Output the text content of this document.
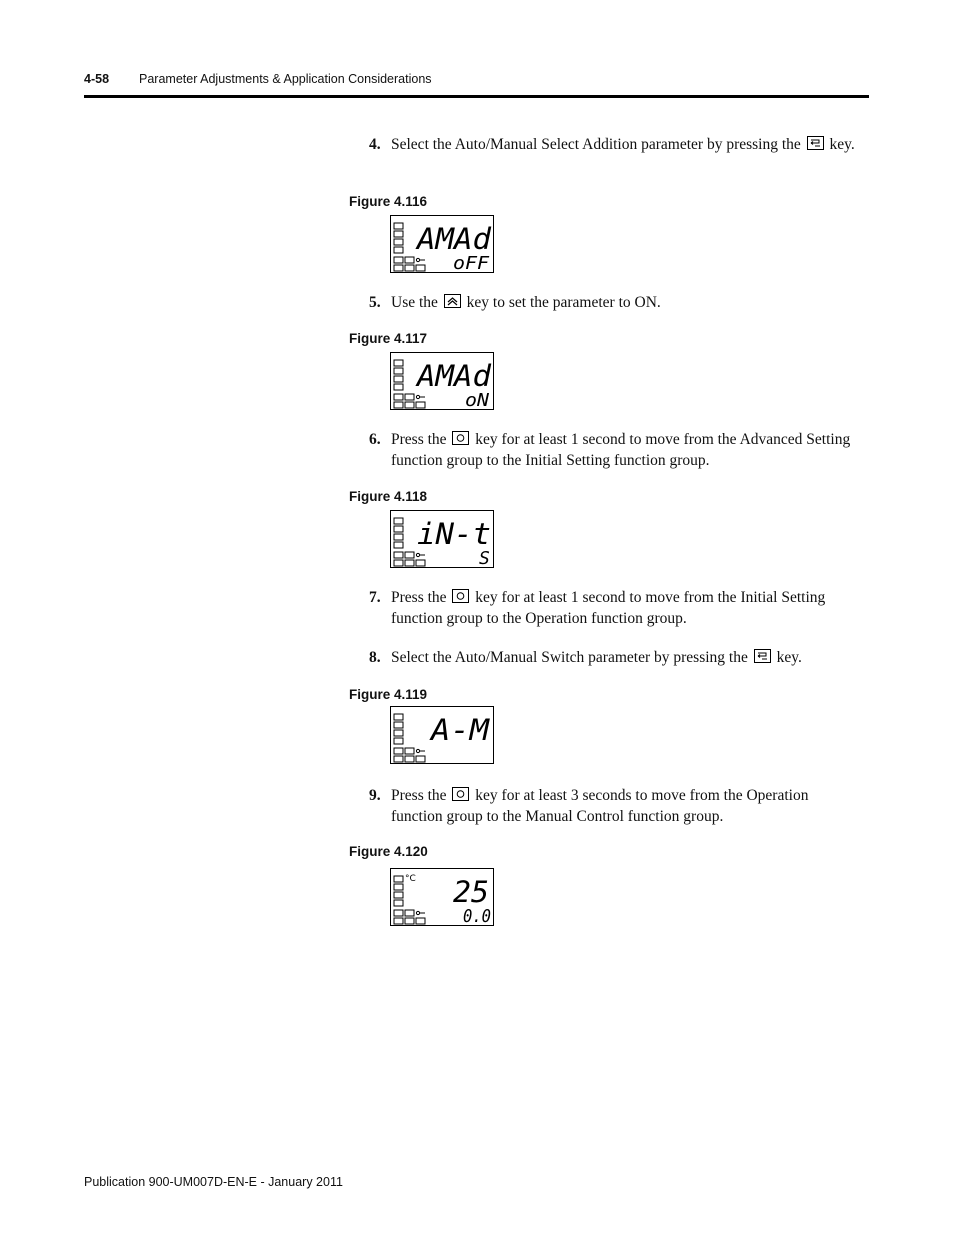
4-58 Parameter Adjustments & Application Considerations
4. Select the Auto/Manual Select Addition parameter by pressing the key.
Figure 4.116
AMAd
oFF
5. Use the key to set the parameter to ON.
Figure 4.117
AMAd
oN
6. Press the key for at least 1 second to move from the Advanced Setting function group to the Initial Setting function group.
Figure 4.118
iN-t
S
7. Press the key for at least 1 second to move from the Initial Setting function group to the Operation function group.
8. Select the Auto/Manual Switch parameter by pressing the key.
Figure 4.119
A-M
9. Press the key for at least 3 seconds to move from the Operation function group to the Manual Control function group.
Figure 4.120
°C 25
0.0
Publication 900-UM007D-EN-E - January 2011
